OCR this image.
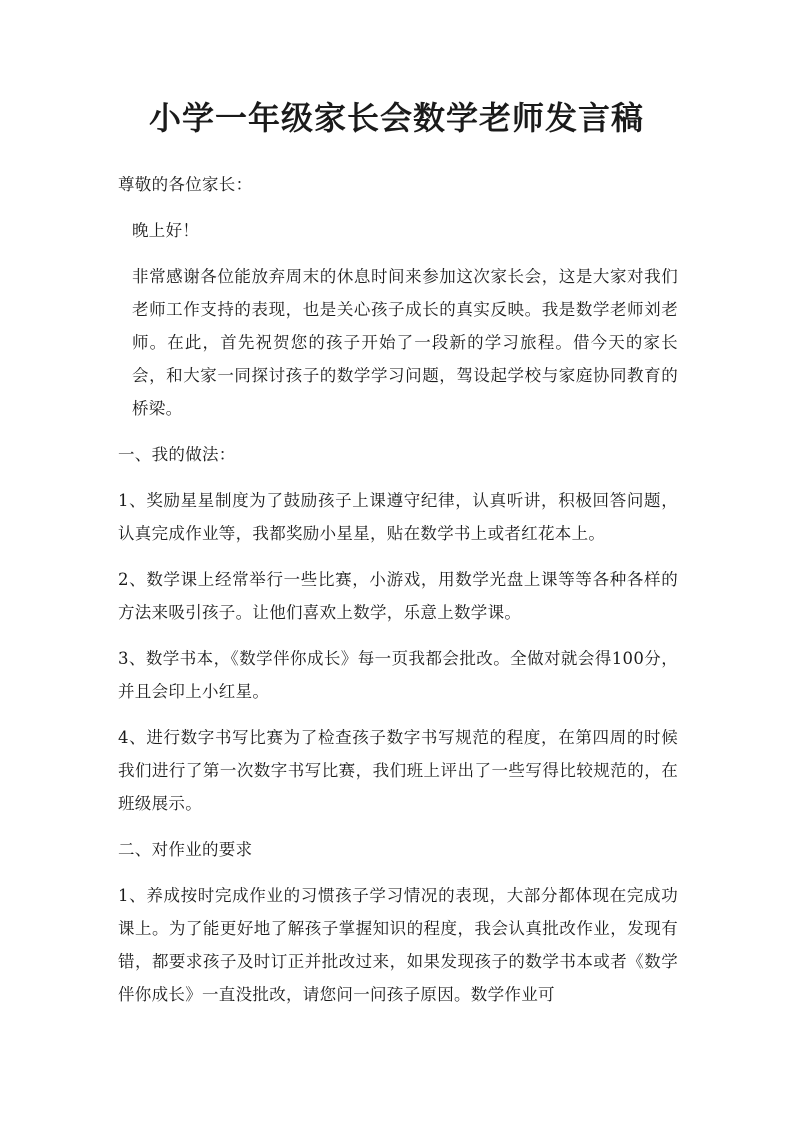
小学一年级家长会数学老师发言稿

尊敬的各位家长：

晚上好！

非常感谢各位能放弃周末的休息时间来参加这次家长会，这是大家对我们老师工作支持的表现，也是关心孩子成长的真实反映。我是数学老师刘老师。在此，首先祝贺您的孩子开始了一段新的学习旅程。借今天的家长会，和大家一同探讨孩子的数学学习问题，驾设起学校与家庭协同教育的桥梁。

一、我的做法：

1、奖励星星制度为了鼓励孩子上课遵守纪律，认真听讲，积极回答问题，认真完成作业等，我都奖励小星星，贴在数学书上或者红花本上。

2、数学课上经常举行一些比赛，小游戏，用数学光盘上课等等各种各样的方法来吸引孩子。让他们喜欢上数学，乐意上数学课。

3、数学书本，《数学伴你成长》每一页我都会批改。全做对就会得100分，并且会印上小红星。

4、进行数字书写比赛为了检查孩子数字书写规范的程度，在第四周的时候我们进行了第一次数字书写比赛，我们班上评出了一些写得比较规范的，在班级展示。

二、对作业的要求

1、养成按时完成作业的习惯孩子学习情况的表现，大部分都体现在完成功课上。为了能更好地了解孩子掌握知识的程度，我会认真批改作业，发现有错，都要求孩子及时订正并批改过来，如果发现孩子的数学书本或者《数学伴你成长》一直没批改，请您问一问孩子原因。数学作业可
